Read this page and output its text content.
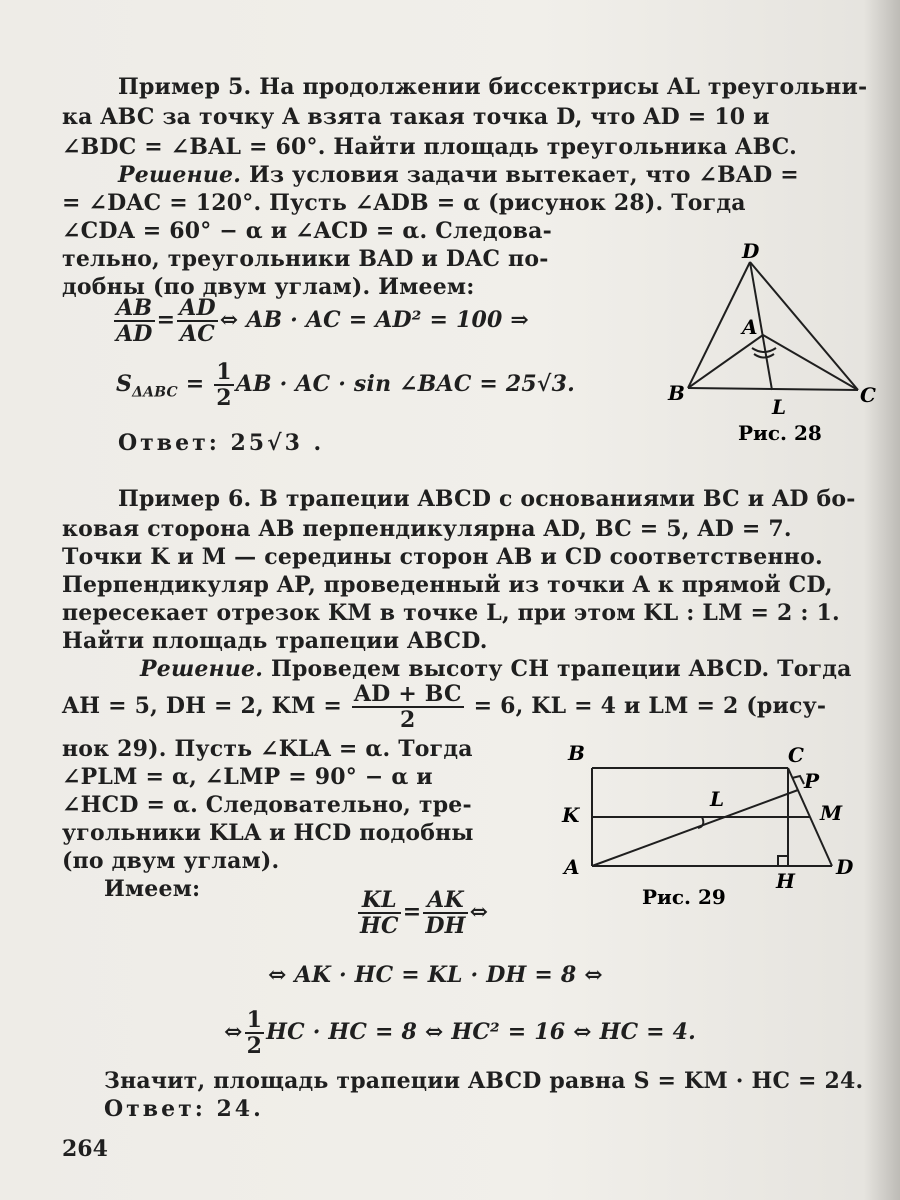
Пример 5. На продолжении биссектрисы AL треугольни-
ка ABC за точку A взята такая точка D, что AD = 10 и
∠BDC = ∠BAL = 60°. Найти площадь треугольника ABC.
Решение. Из условия задачи вытекает, что ∠BAD =
= ∠DAC = 120°. Пусть ∠ADB = α (рисунок 28). Тогда
∠CDA = 60° − α и ∠ACD = α. Следова-
тельно, треугольники BAD и DAC по-
добны (по двум углам). Имеем:
$\frac{AB}{AD} = \frac{AD}{AC}$ ⇔ AB · AC = AD² = 100 ⇒
$S_{\Delta ABC} = \frac{1}{2}$ AB · AC · sin ∠BAC = 25√3.
Ответ: 25√3 .
D
A
B
L	C
Рис. 28
Пример 6. В трапеции ABCD с основаниями BC и AD бо-
ковая сторона AB перпендикулярна AD, BC = 5, AD = 7.
Точки K и M — середины сторон AB и CD соответственно.
Перпендикуляр AP, проведенный из точки A к прямой CD,
пересекает отрезок KM в точке L, при этом KL : LM = 2 : 1.
Найти площадь трапеции ABCD.
Решение. Проведем высоту CH трапеции ABCD. Тогда
AH = 5, DH = 2, KM = $\frac{AD + BC}{2} = 6$, KL = 4 и LM = 2 (рису-
нок 29). Пусть ∠KLA = α. Тогда
∠PLM = α, ∠LMP = 90° − α и
∠HCD = α. Следовательно, тре-
угольники KLA и HCD подобны
(по двум углам).
Имеем:	$\frac{KL}{HC} = \frac{AK}{DH}$ ⇔
⇔ AK · HC = KL · DH = 8 ⇔
⇔ $\frac{1}{2}$ HC · HC = 8 ⇔ HC² = 16 ⇔ HC = 4.
Значит, площадь трапеции ABCD равна S = KM · HC = 24.
Ответ: 24.
B	C
P
K
L
M
A
H
D
Рис. 29
264
